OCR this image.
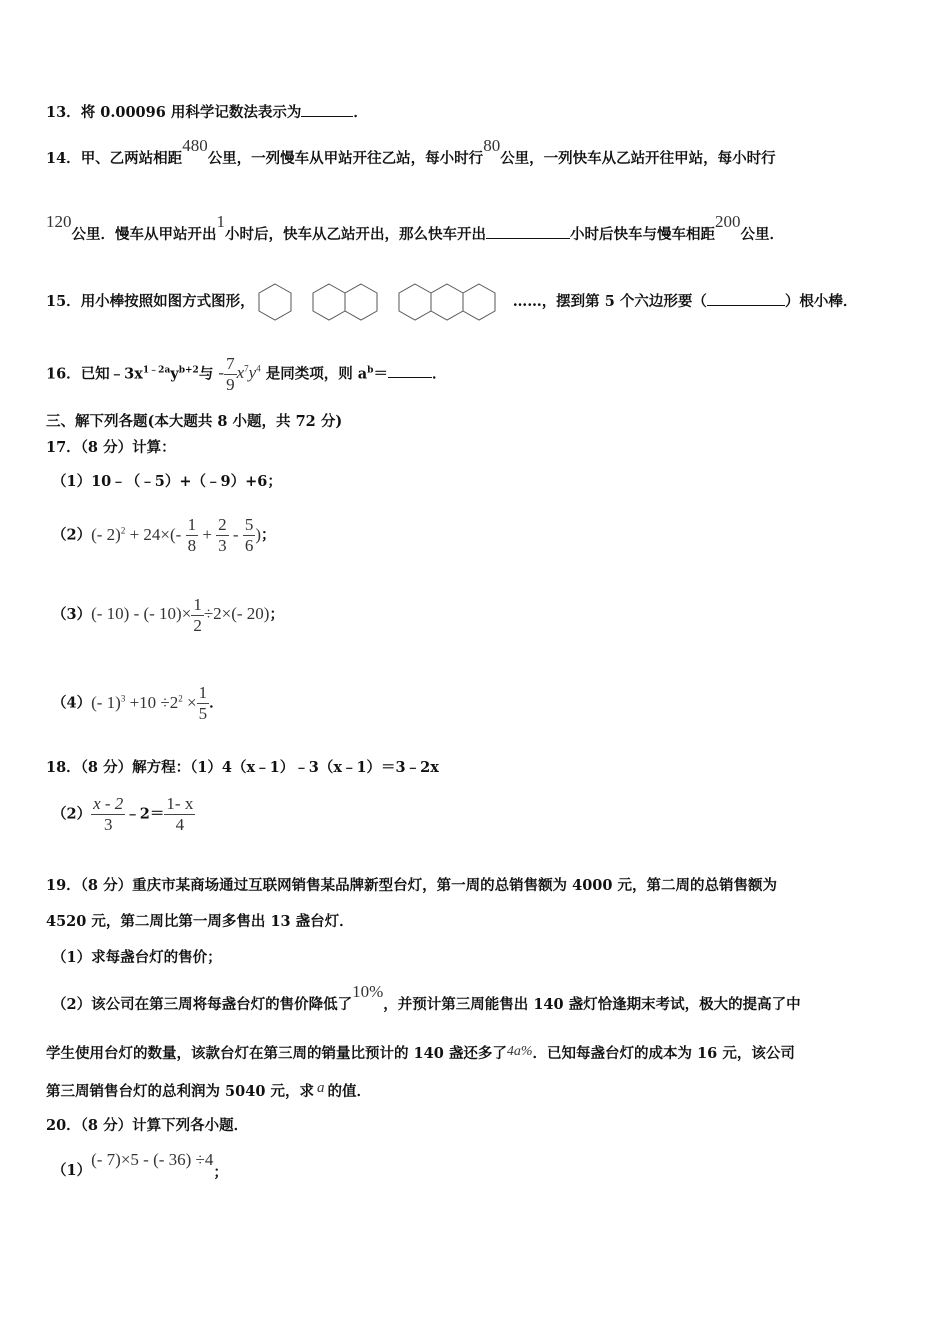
13．将 0.00096 用科学记数法表示为	．
14．甲、乙两站相距480公里，一列慢车从甲站开往乙站，每小时行80公里，一列快车从乙站开往甲站，每小时行
120公里．慢车从甲站开出1小时后，快车从乙站开出，那么快车开出	小时后快车与慢车相距200公里．
15．用小棒按照如图方式图形，	……，摆到第 5 个六边形要（	）根小棒．
16．已知$﹣3x^{1﹣2a}y^{b+2}$与 - $\frac{7}{9} x^7y^4$ 是同类项，则 $a^b=$	．
三、解下列各题(本大题共 8 小题，共 72 分)
17．（8 分）计算：
（1）10﹣（﹣5）+（﹣9）+6；
（2）(- $2)^2 + 24\times(- \frac{1}{8} + \frac{2}{3} - \frac{5}{6}$ )；
（3）(- 10) - (- $10)\times \frac{1}{2} \div 2\times(-$ 20)；
（4）(- $1)^3 +10 \div 2^2 \times \frac{1}{5}$ ．
18．（8 分）解方程：（1）4（x﹣1）﹣3（x﹣1）＝3﹣2x
$(2) \frac{x - 2}{3}$ ﹣2＝ $\frac{1- x}{4}$
19．（8 分）重庆市某商场通过互联网销售某品牌新型台灯，第一周的总销售额为 4000 元，第二周的总销售额为
4520 元，第二周比第一周多售出 13 盏台灯．
（1）求每盏台灯的售价；
（2）该公司在第三周将每盏台灯的售价降低了10%，并预计第三周能售出 140 盏灯恰逢期末考试，极大的提高了中
学生使用台灯的数量，该款台灯在第三周的销量比预计的 140 盏还多了4a%．已知每盏台灯的成本为 16 元，该公司
第三周销售台灯的总利润为 5040 元，求 a 的值．
20．（8 分）计算下列各小题．
（1）(- 7)×5 - (- 36) ÷4；
